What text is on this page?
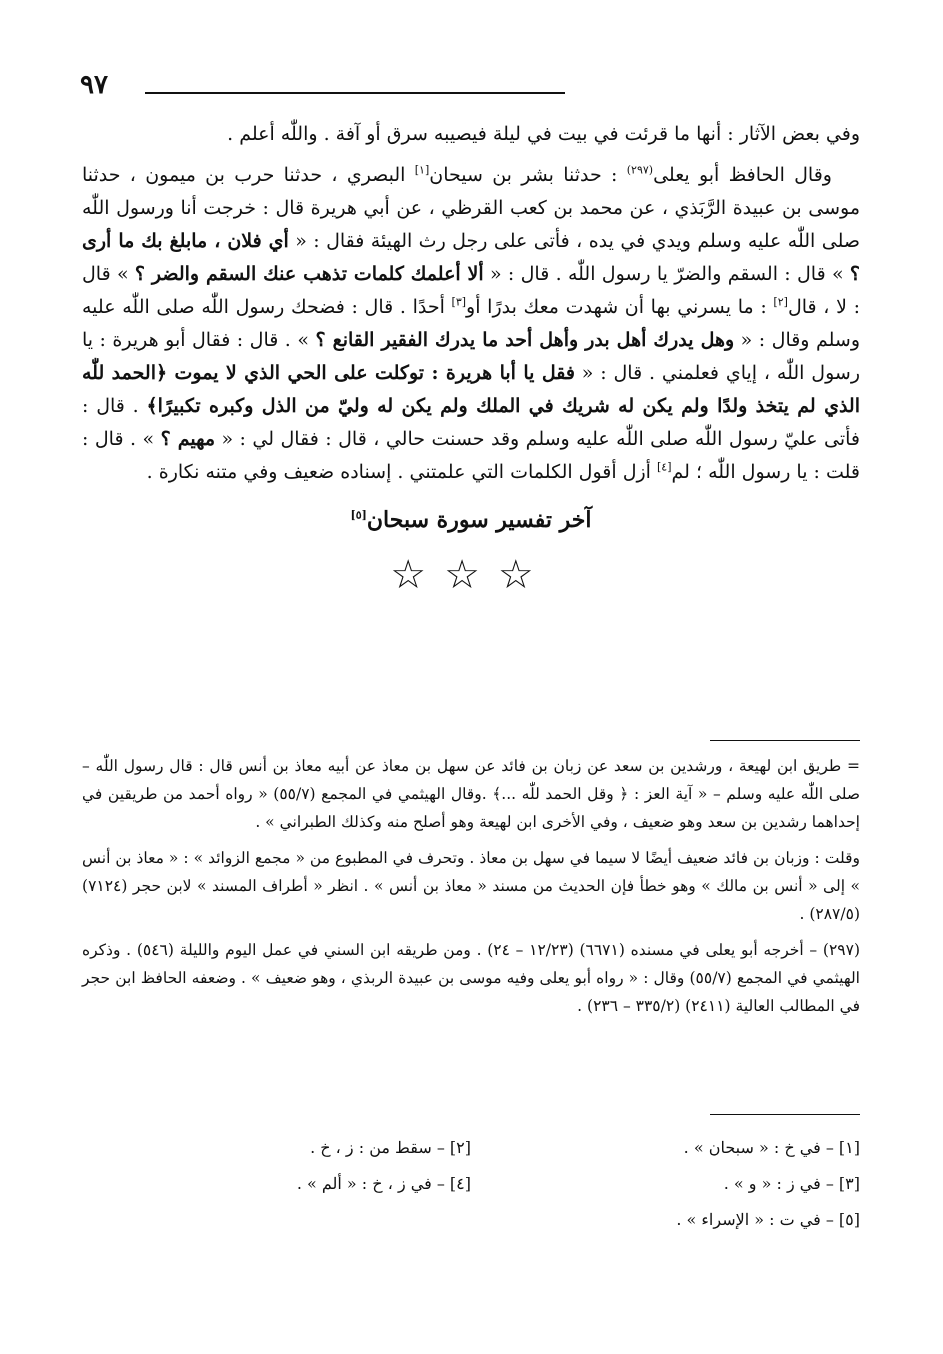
٩٧

وفي بعض الآثار : أنها ما قرئت في بيت في ليلة فيصيبه سرق أو آفة . واللّٰه أعلم .

وقال الحافظ أبو يعلى$^{(٢٩٧)}$ : حدثنا بشر بن سيحان[١] البصري ، حدثنا حرب بن ميمون ، حدثنا موسى بن عبيدة الرَّبَذي ، عن محمد بن كعب القرظي ، عن أبي هريرة قال : خرجت أنا ورسول اللّٰه صلى اللّٰه عليه وسلم ويدي في يده ، فأتى على رجل رث الهيئة فقال : « أي فلان ، مابلغ بك ما أرى ؟ » قال : السقم والضرّ يا رسول اللّٰه . قال : « ألا أعلمك كلمات تذهب عنك السقم والضر ؟ » قال : لا ، قال[٢] : ما يسرني بها أن شهدت معك بدرًا أو[٣] أحدًا . قال : فضحك رسول اللّٰه صلى اللّٰه عليه وسلم وقال : « وهل يدرك أهل بدر وأهل أحد ما يدرك الفقير القانع ؟ » . قال : فقال أبو هريرة : يا رسول اللّٰه ، إياي فعلمني . قال : « فقل يا أبا هريرة : توكلت على الحي الذي لا يموت ﴿الحمد للّٰه الذي لم يتخذ ولدًا ولم يكن له شريك في الملك ولم يكن له وليّ من الذل وكبره تكبيرًا﴾ . قال : فأتى عليّ رسول اللّٰه صلى اللّٰه عليه وسلم وقد حسنت حالي ، قال : فقال لي : « مهيم ؟ » . قال : قلت : يا رسول اللّٰه ؛ لم[٤] أزل أقول الكلمات التي علمتني . إسناده ضعيف وفي متنه نكارة .

آخر تفسير سورة سبحان[٥]
☆☆☆

= طريق ابن لهيعة ، ورشدين بن سعد عن زبان بن فائد عن سهل بن معاذ عن أبيه معاذ بن أنس قال : قال رسول اللّٰه – صلى اللّٰه عليه وسلم – « آية العز : ﴿ وقل الحمد للّٰه ...﴾ .وقال الهيثمي في المجمع (٥٥/٧) « رواه أحمد من طريقين في إحداهما رشدين بن سعد وهو ضعيف ، وفي الأخرى ابن لهيعة وهو أصلح منه وكذلك الطبراني » .

وقلت : وزبان بن فائد ضعيف أيضًا لا سيما في سهل بن معاذ . وتحرف في المطبوع من « مجمع الزوائد » : « معاذ بن أنس » إلى « أنس بن مالك » وهو خطأ فإن الحديث من مسند « معاذ بن أنس » . انظر « أطراف المسند » لابن حجر (٧١٢٤) (٢٨٧/٥) .

(٢٩٧) – أخرجه أبو يعلى في مسنده (٦٦٧١) (١٢/٢٣ – ٢٤) . ومن طريقه ابن السني في عمل اليوم والليلة (٥٤٦) . وذكره الهيثمي في المجمع (٥٥/٧) وقال : « رواه أبو يعلى وفيه موسى بن عبيدة الربذي ، وهو ضعيف » . وضعفه الحافظ ابن حجر في المطالب العالية (٢٤١١) (٣٣٥/٢ – ٢٣٦) .

[١] – في خ : « سبحان » .
[٢] – سقط من : ز ، خ .
[٣] – في ز : « و » .
[٤] – في ز ، خ : « ألم » .
[٥] – في ت : « الإسراء » .
